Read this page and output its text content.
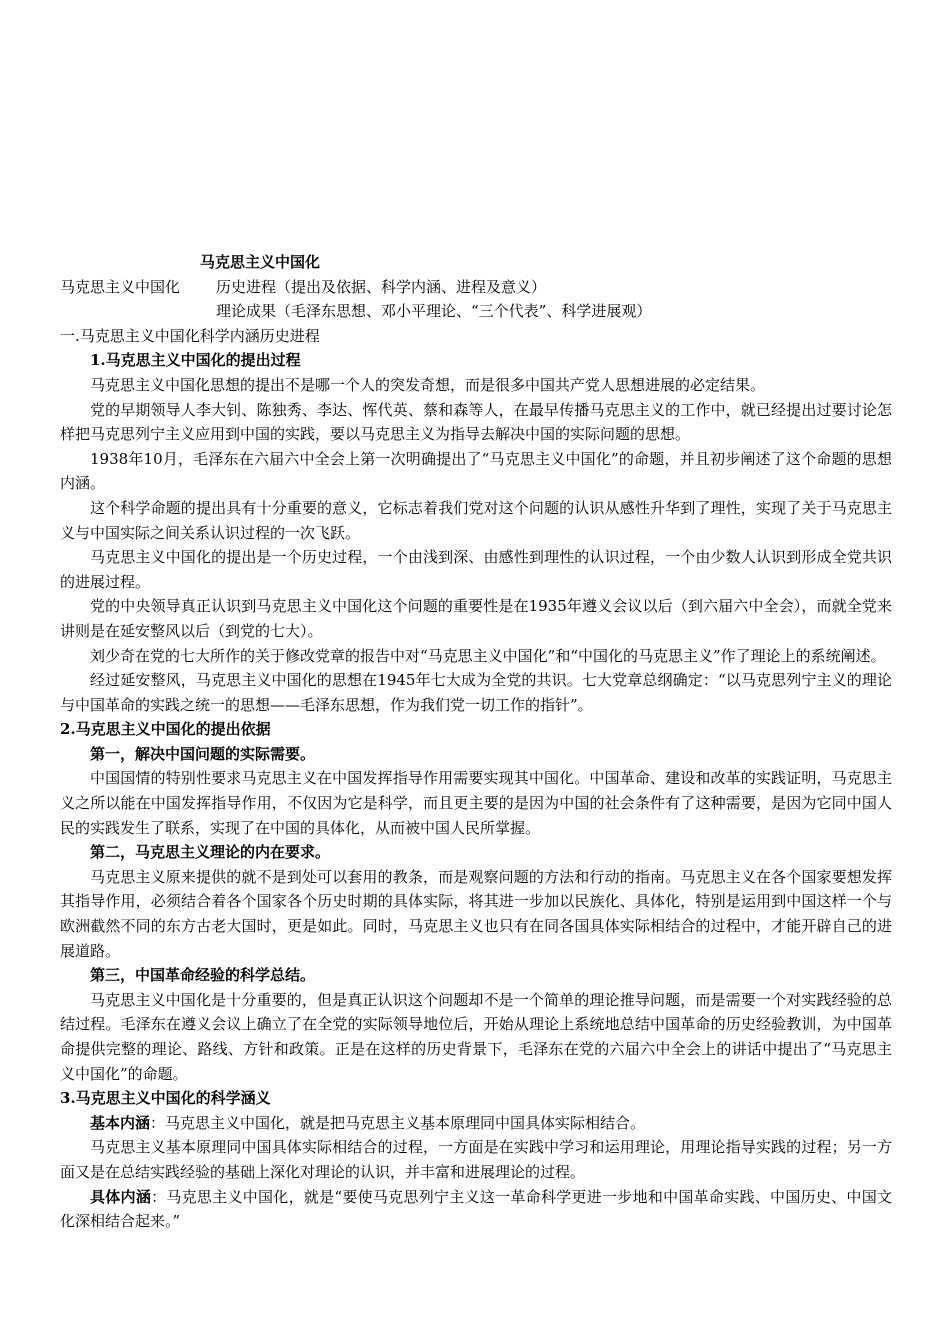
马克思主义中国化
马克思主义中国化	历史进程（提出及依据、科学内涵、进程及意义）
理论成果（毛泽东思想、邓小平理论、“三个代表”、科学进展观）
一.马克思主义中国化科学内涵历史进程
1.马克思主义中国化的提出过程
马克思主义中国化思想的提出不是哪一个人的突发奇想，而是很多中国共产党人思想进展的必定结果。
党的早期领导人李大钊、陈独秀、李达、恽代英、蔡和森等人，在最早传播马克思主义的工作中，就已经提出过要讨论怎样把马克思列宁主义应用到中国的实践，要以马克思主义为指导去解决中国的实际问题的思想。
1938年10月，毛泽东在六届六中全会上第一次明确提出了“马克思主义中国化”的命题，并且初步阐述了这个命题的思想内涵。
这个科学命题的提出具有十分重要的意义，它标志着我们党对这个问题的认识从感性升华到了理性，实现了关于马克思主义与中国实际之间关系认识过程的一次飞跃。
马克思主义中国化的提出是一个历史过程，一个由浅到深、由感性到理性的认识过程，一个由少数人认识到形成全党共识的进展过程。
党的中央领导真正认识到马克思主义中国化这个问题的重要性是在1935年遵义会议以后（到六届六中全会），而就全党来讲则是在延安整风以后（到党的七大）。
刘少奇在党的七大所作的关于修改党章的报告中对“马克思主义中国化”和“中国化的马克思主义”作了理论上的系统阐述。
经过延安整风，马克思主义中国化的思想在1945年七大成为全党的共识。七大党章总纲确定：“以马克思列宁主义的理论与中国革命的实践之统一的思想——毛泽东思想，作为我们党一切工作的指针”。
2.马克思主义中国化的提出依据
第一，解决中国问题的实际需要。
中国国情的特别性要求马克思主义在中国发挥指导作用需要实现其中国化。中国革命、建设和改革的实践证明，马克思主义之所以能在中国发挥指导作用，不仅因为它是科学，而且更主要的是因为中国的社会条件有了这种需要，是因为它同中国人民的实践发生了联系，实现了在中国的具体化，从而被中国人民所掌握。
第二，马克思主义理论的内在要求。
马克思主义原来提供的就不是到处可以套用的教条，而是观察问题的方法和行动的指南。马克思主义在各个国家要想发挥其指导作用，必须结合着各个国家各个历史时期的具体实际，将其进一步加以民族化、具体化，特别是运用到中国这样一个与欧洲截然不同的东方古老大国时，更是如此。同时，马克思主义也只有在同各国具体实际相结合的过程中，才能开辟自己的进展道路。
第三，中国革命经验的科学总结。
马克思主义中国化是十分重要的，但是真正认识这个问题却不是一个简单的理论推导问题，而是需要一个对实践经验的总结过程。毛泽东在遵义会议上确立了在全党的实际领导地位后，开始从理论上系统地总结中国革命的历史经验教训，为中国革命提供完整的理论、路线、方针和政策。正是在这样的历史背景下，毛泽东在党的六届六中全会上的讲话中提出了“马克思主义中国化”的命题。
3.马克思主义中国化的科学涵义
基本内涵：马克思主义中国化，就是把马克思主义基本原理同中国具体实际相结合。
马克思主义基本原理同中国具体实际相结合的过程，一方面是在实践中学习和运用理论，用理论指导实践的过程；另一方面又是在总结实践经验的基础上深化对理论的认识，并丰富和进展理论的过程。
具体内涵：马克思主义中国化，就是“要使马克思列宁主义这一革命科学更进一步地和中国革命实践、中国历史、中国文化深相结合起来。”
